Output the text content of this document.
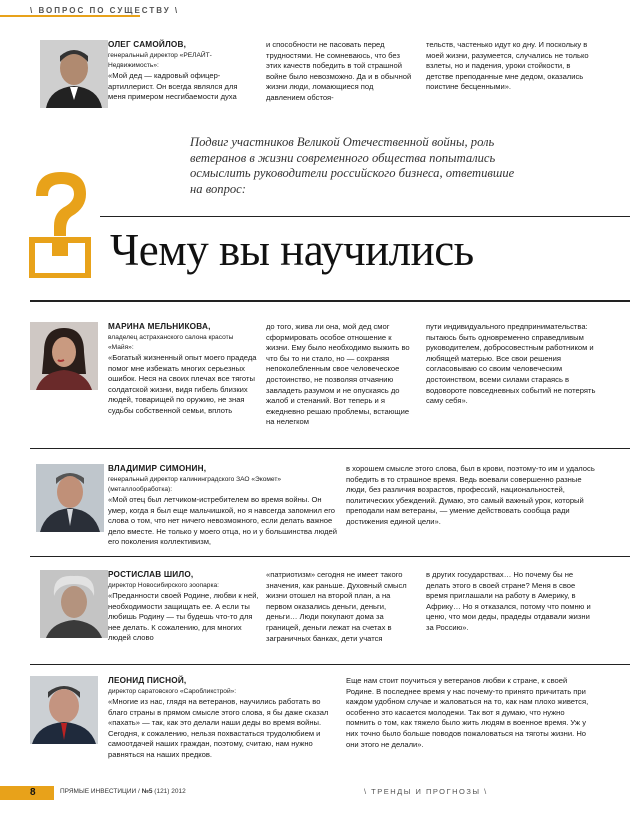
\ ВОПРОС ПО СУЩЕСТВУ \
ОЛЕГ САМОЙЛОВ,
генеральный директор «РЕЛАЙТ-Недвижимость»:
«Мой дед — кадровый офицер-артиллерист. Он всегда являлся для меня примером несгибаемости духа
и способности не пасовать перед трудностями. Не сомневаюсь, что без этих качеств победить в той страшной войне было невозможно. Да и в обычной жизни люди, ломающиеся под давлением обстоя-
тельств, частенько идут ко дну. И поскольку в моей жизни, разумеется, случались не только взлеты, но и падения, уроки стойкости, в детстве преподанные мне дедом, оказались поистине бесценными».
Подвиг участников Великой Отечественной войны, роль ветеранов в жизни современного общества попытались осмыслить руководители российского бизнеса, ответившие на вопрос:
Чему вы научились
МАРИНА МЕЛЬНИКОВА,
владелец астраханского салона красоты «Майя»:
«Богатый жизненный опыт моего прадеда помог мне избежать многих серьезных ошибок. Неся на своих плечах все тяготы солдатской жизни, видя гибель близких людей, товарищей по оружию, не зная судьбы собственной семьи, вплоть
до того, жива ли она, мой дед смог сформировать особое отношение к жизни. Ему было необходимо выжить во что бы то ни стало, но — сохраняя непоколебленным свое человеческое достоинство, не позволяя отчаянию завладеть разумом и не опускаясь до жалоб и стенаний. Вот теперь и я ежедневно решаю проблемы, встающие на нелегком
пути индивидуального предпринимательства: пытаюсь быть одновременно справедливым руководителем, добросовестным работником и любящей матерью. Все свои решения согласовываю со своим человеческим достоинством, всеми силами стараясь в водовороте повседневных событий не потерять саму себя».
ВЛАДИМИР СИМОНИН,
генеральный директор калининградского ЗАО «Экомет» (металлообработка):
«Мой отец был летчиком-истребителем во время войны. Он умер, когда я был еще мальчишкой, но я навсегда запомнил его слова о том, что нет ничего невозможного, если делать важное дело вместе. Не только у моего отца, но и у большинства людей его поколения коллективизм,
в хорошем смысле этого слова, был в крови, поэтому-то им и удалось победить в то страшное время. Ведь воевали совершенно разные люди, без различия возрастов, профессий, национальностей, политических убеждений. Думаю, это самый важный урок, который преподали нам ветераны, — умение действовать сообща ради достижения единой цели».
РОСТИСЛАВ ШИЛО,
директор Новосибирского зоопарка:
«Преданности своей Родине, любви к ней, необходимости защищать ее. А если ты любишь Родину — ты будешь что-то для нее делать. К сожалению, для многих людей слово
«патриотизм» сегодня не имеет такого значения, как раньше. Духовный смысл жизни отошел на второй план, а на первом оказались деньги, деньги, деньги… Люди покупают дома за границей, деньги лежат на счетах в заграничных банках, дети учатся
в других государствах… Но почему бы не делать этого в своей стране? Меня в свое время приглашали на работу в Америку, в Африку… Но я отказался, потому что помню и ценю, что мои деды, прадеды отдавали жизни за Россию».
ЛЕОНИД ПИСНОЙ,
директор саратовского «Саробликстрой»:
«Многие из нас, глядя на ветеранов, научились работать во благо страны в прямом смысле этого слова, я бы даже сказал «пахать» — так, как это делали наши деды во время войны. Сегодня, к сожалению, нельзя похвастаться трудолюбием и самоотдачей наших граждан, поэтому, считаю, нам нужно равняться на наших предков.
Еще нам стоит поучиться у ветеранов любви к стране, к своей Родине. В последнее время у нас почему-то принято причитать при каждом удобном случае и жаловаться на то, как нам плохо живется, особенно это касается молодежи. Так вот я думаю, что нужно помнить о том, как тяжело было жить людям в военное время. Уж у них точно было больше поводов пожаловаться на тяготы жизни. Но они этого не делали».
8	ПРЯМЫЕ ИНВЕСТИЦИИ / №5 (121) 2012	\ ТРЕНДЫ И ПРОГНОЗЫ \
